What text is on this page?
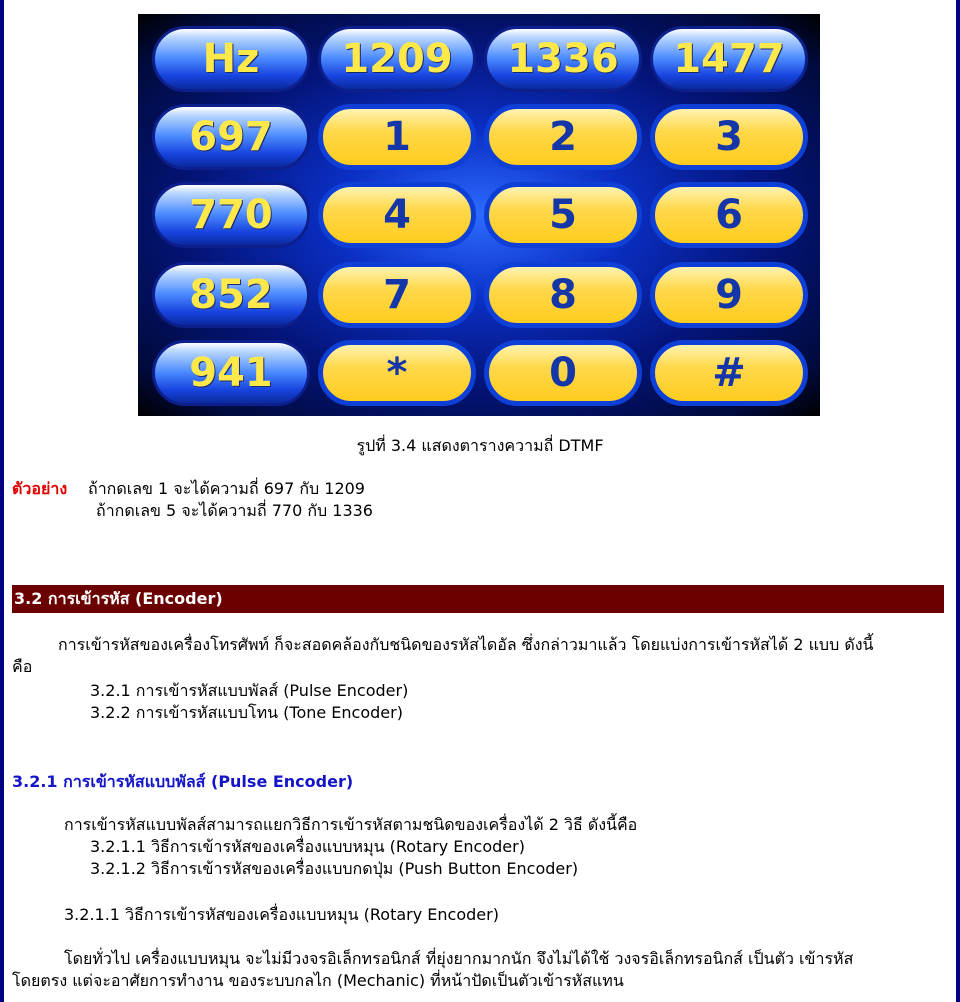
Hz	1209	1336	1477
697	1	2	3
770	4	5	6
852	7	8	9
941	*	0	#
รูปที่ 3.4 แสดงตารางความถี่ DTMF
ตัวอย่าง ถ้ากดเลข 1 จะได้ความถี่ 697 กับ 1209
ถ้ากดเลข 5 จะได้ความถี่ 770 กับ 1336
3.2 การเข้ารหัส (Encoder)
การเข้ารหัสของเครื่องโทรศัพท์ ก็จะสอดคล้องกับชนิดของรหัสไดอัล ซึ่งกล่าวมาแล้ว โดยแบ่งการเข้ารหัสได้ 2 แบบ ดังนี้
คือ
3.2.1 การเข้ารหัสแบบพัลส์ (Pulse Encoder)
3.2.2 การเข้ารหัสแบบโทน (Tone Encoder)
3.2.1 การเข้ารหัสแบบพัลส์ (Pulse Encoder)
การเข้ารหัสแบบพัลส์สามารถแยกวิธีการเข้ารหัสตามชนิดของเครื่องได้ 2 วิธี ดังนี้คือ
3.2.1.1 วิธีการเข้ารหัสของเครื่องแบบหมุน (Rotary Encoder)
3.2.1.2 วิธีการเข้ารหัสของเครื่องแบบกดปุ่ม (Push Button Encoder)
3.2.1.1 วิธีการเข้ารหัสของเครื่องแบบหมุน (Rotary Encoder)
โดยทั่วไป เครื่องแบบหมุน จะไม่มีวงจรอิเล็กทรอนิกส์ ที่ยุ่งยากมากนัก จึงไม่ได้ใช้ วงจรอิเล็กทรอนิกส์ เป็นตัว เข้ารหัส
โดยตรง แต่จะอาศัยการทำงาน ของระบบกลไก (Mechanic) ที่หน้าปัดเป็นตัวเข้ารหัสแทน
